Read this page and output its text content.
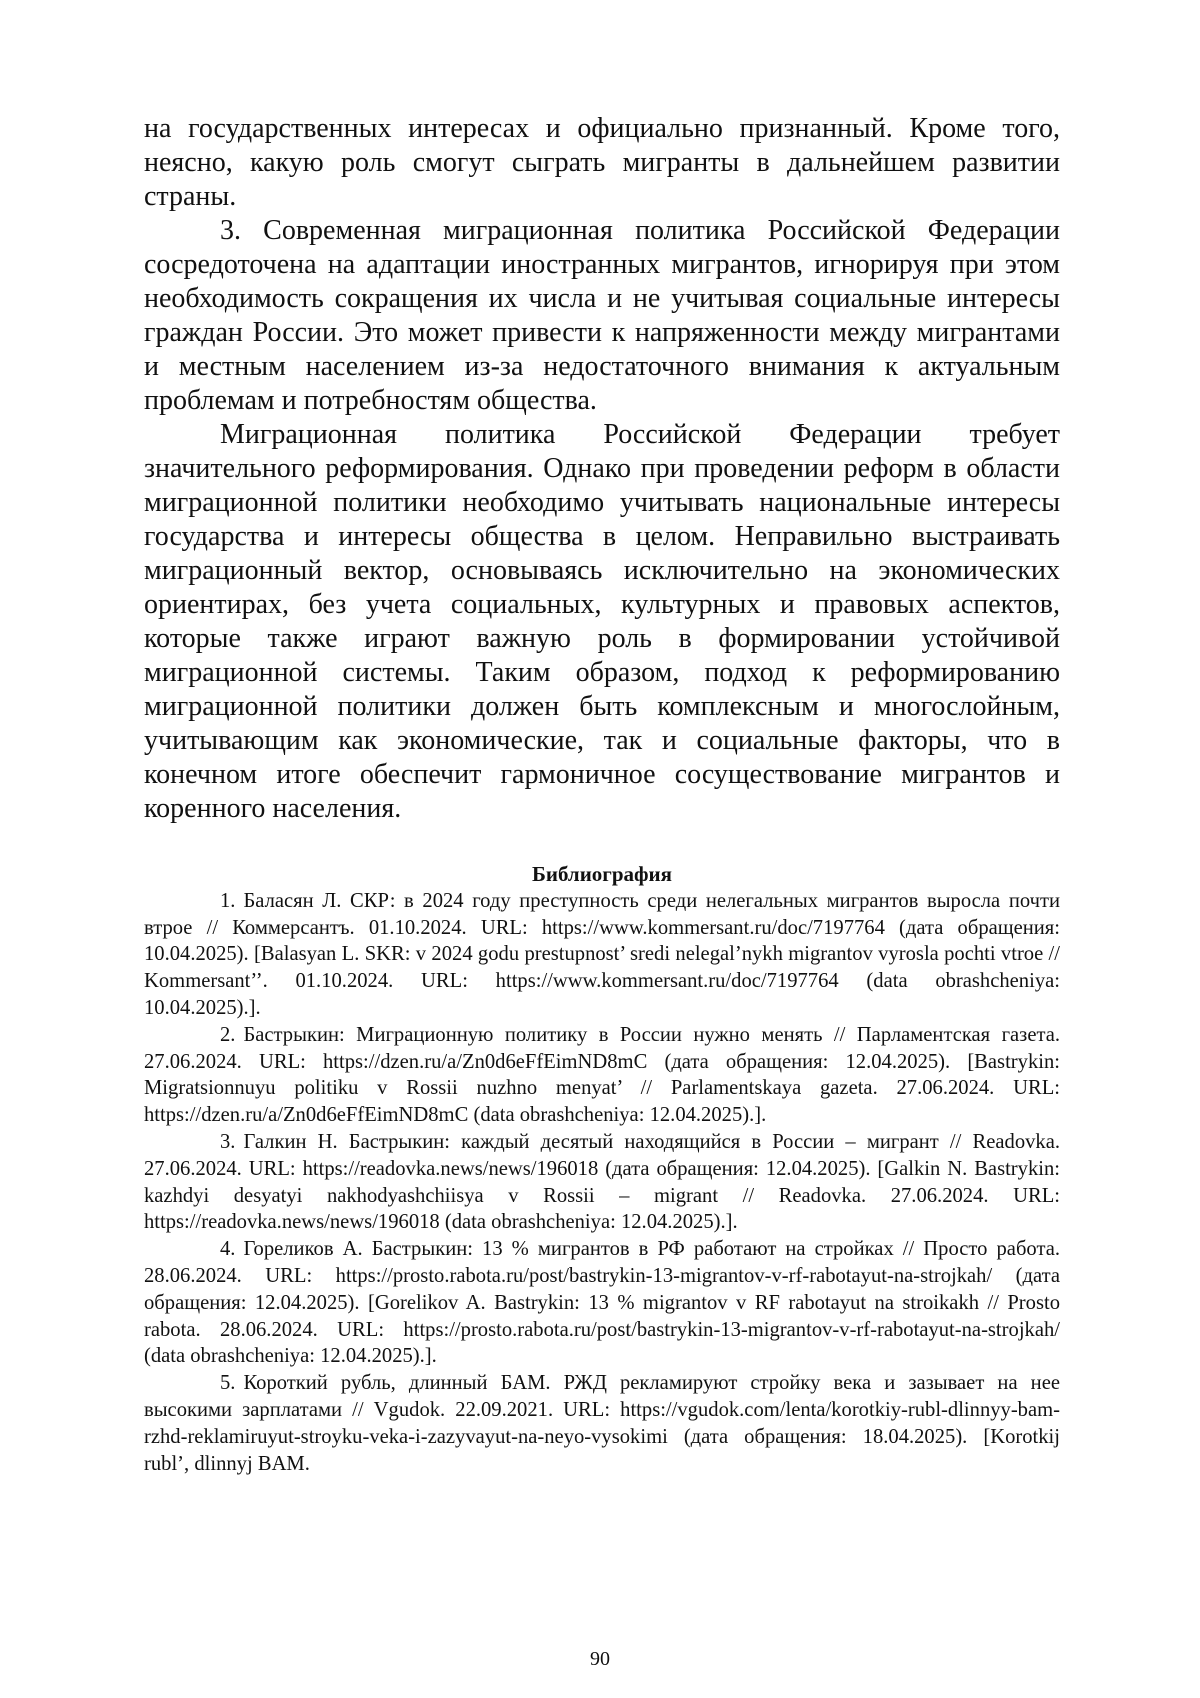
на государственных интересах и официально признанный. Кроме того, неясно, какую роль смогут сыграть мигранты в дальнейшем развитии страны.

3. Современная миграционная политика Российской Федерации сосредоточена на адаптации иностранных мигрантов, игнорируя при этом необходимость сокращения их числа и не учитывая социальные интересы граждан России. Это может привести к напряженности между мигрантами и местным населением из-за недостаточного внимания к актуальным проблемам и потребностям общества.

Миграционная политика Российской Федерации требует значительного реформирования. Однако при проведении реформ в области миграционной политики необходимо учитывать национальные интересы государства и интересы общества в целом. Неправильно выстраивать миграционный вектор, основываясь исключительно на экономических ориентирах, без учета социальных, культурных и правовых аспектов, которые также играют важную роль в формировании устойчивой миграционной системы. Таким образом, подход к реформированию миграционной политики должен быть комплексным и многослойным, учитывающим как экономические, так и социальные факторы, что в конечном итоге обеспечит гармоничное сосуществование мигрантов и коренного населения.

Библиография

1. Баласян Л. СКР: в 2024 году преступность среди нелегальных мигрантов выросла почти втрое // Коммерсантъ. 01.10.2024. URL: https://www.kommersant.ru/doc/7197764 (дата обращения: 10.04.2025). [Balasyan L. SKR: v 2024 godu prestupnost’ sredi nelegal’nykh migrantov vyrosla pochti vtroe // Kommersant’’. 01.10.2024. URL: https://www.kommersant.ru/doc/7197764 (data obrashcheniya: 10.04.2025).].
2. Бастрыкин: Миграционную политику в России нужно менять // Парламентская газета. 27.06.2024. URL: https://dzen.ru/a/Zn0d6eFfEimND8mC (дата обращения: 12.04.2025). [Bastrykin: Migratsionnuyu politiku v Rossii nuzhno menyat’ // Parlamentskaya gazeta. 27.06.2024. URL: https://dzen.ru/a/Zn0d6eFfEimND8mC (data obrashcheniya: 12.04.2025).].
3. Галкин Н. Бастрыкин: каждый десятый находящийся в России – мигрант // Readovka. 27.06.2024. URL: https://readovka.news/news/196018 (дата обращения: 12.04.2025). [Galkin N. Bastrykin: kazhdyi desyatyi nakhodyashchiisya v Rossii – migrant // Readovka. 27.06.2024. URL: https://readovka.news/news/196018 (data obrashcheniya: 12.04.2025).].
4. Гореликов А. Бастрыкин: 13 % мигрантов в РФ работают на стройках // Просто работа. 28.06.2024. URL: https://prosto.rabota.ru/post/bastrykin-13-migrantov-v-rf-rabotayut-na-strojkah/ (дата обращения: 12.04.2025). [Gorelikov A. Bastrykin: 13 % migrantov v RF rabotayut na stroikakh // Prosto rabota. 28.06.2024. URL: https://prosto.rabota.ru/post/bastrykin-13-migrantov-v-rf-rabotayut-na-strojkah/ (data obrashcheniya: 12.04.2025).].
5. Короткий рубль, длинный БАМ. РЖД рекламируют стройку века и зазывает на нее высокими зарплатами // Vgudok. 22.09.2021. URL: https://vgudok.com/lenta/korotkiy-rubl-dlinnyy-bam-rzhd-reklamiruyut-stroyku-veka-i-zazyvayut-na-neyo-vysokimi (дата обращения: 18.04.2025). [Korotkij rubl’, dlinnyj BAM.
90
